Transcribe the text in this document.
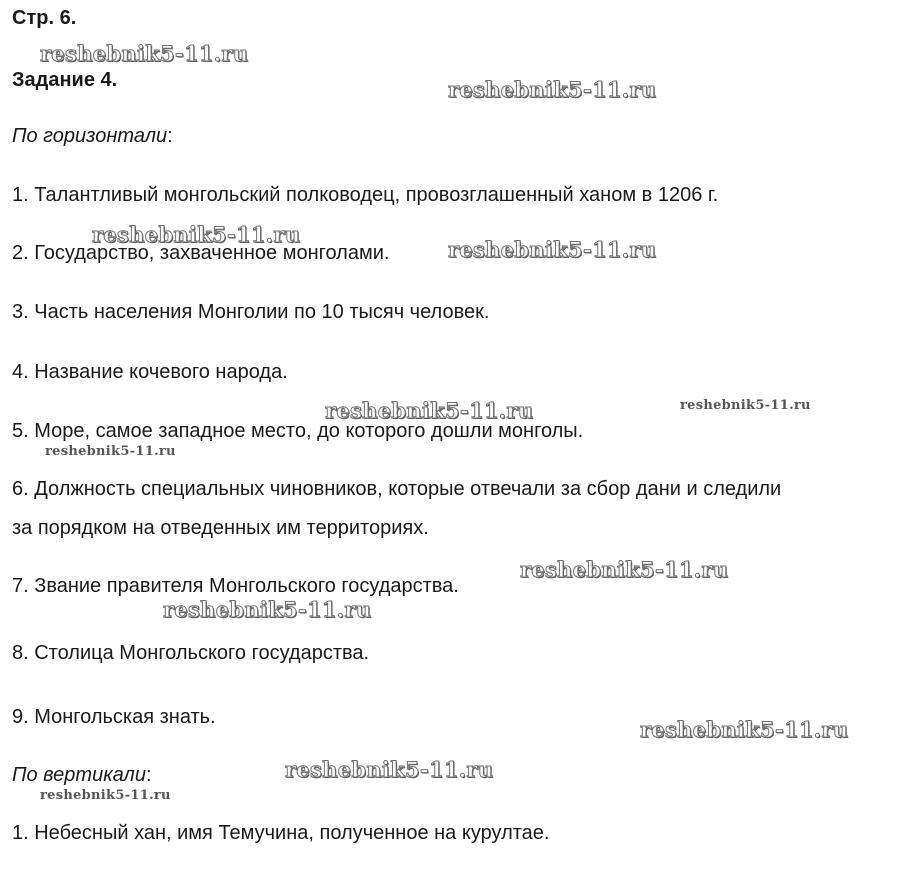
Стр. 6.
Задание 4.
По горизонтали:
1. Талантливый монгольский полководец, провозглашенный ханом в 1206 г.
2. Государство, захваченное монголами.
3. Часть населения Монголии по 10 тысяч человек.
4. Название кочевого народа.
5. Море, самое западное место, до которого дошли монголы.
6. Должность специальных чиновников, которые отвечали за сбор дани и следили
за порядком на отведенных им территориях.
7. Звание правителя Монгольского государства.
8. Столица Монгольского государства.
9. Монгольская знать.
По вертикали:
1. Небесный хан, имя Темучина, полученное на курултае.
reshebnik5-11.ru
reshebnik5-11.ru
reshebnik5-11.ru
reshebnik5-11.ru
reshebnik5-11.ru	reshebnik5-11.ru
reshebnik5-11.ru
reshebnik5-11.ru
reshebnik5-11.ru
reshebnik5-11.ru
reshebnik5-11.ru
reshebnik5-11.ru
